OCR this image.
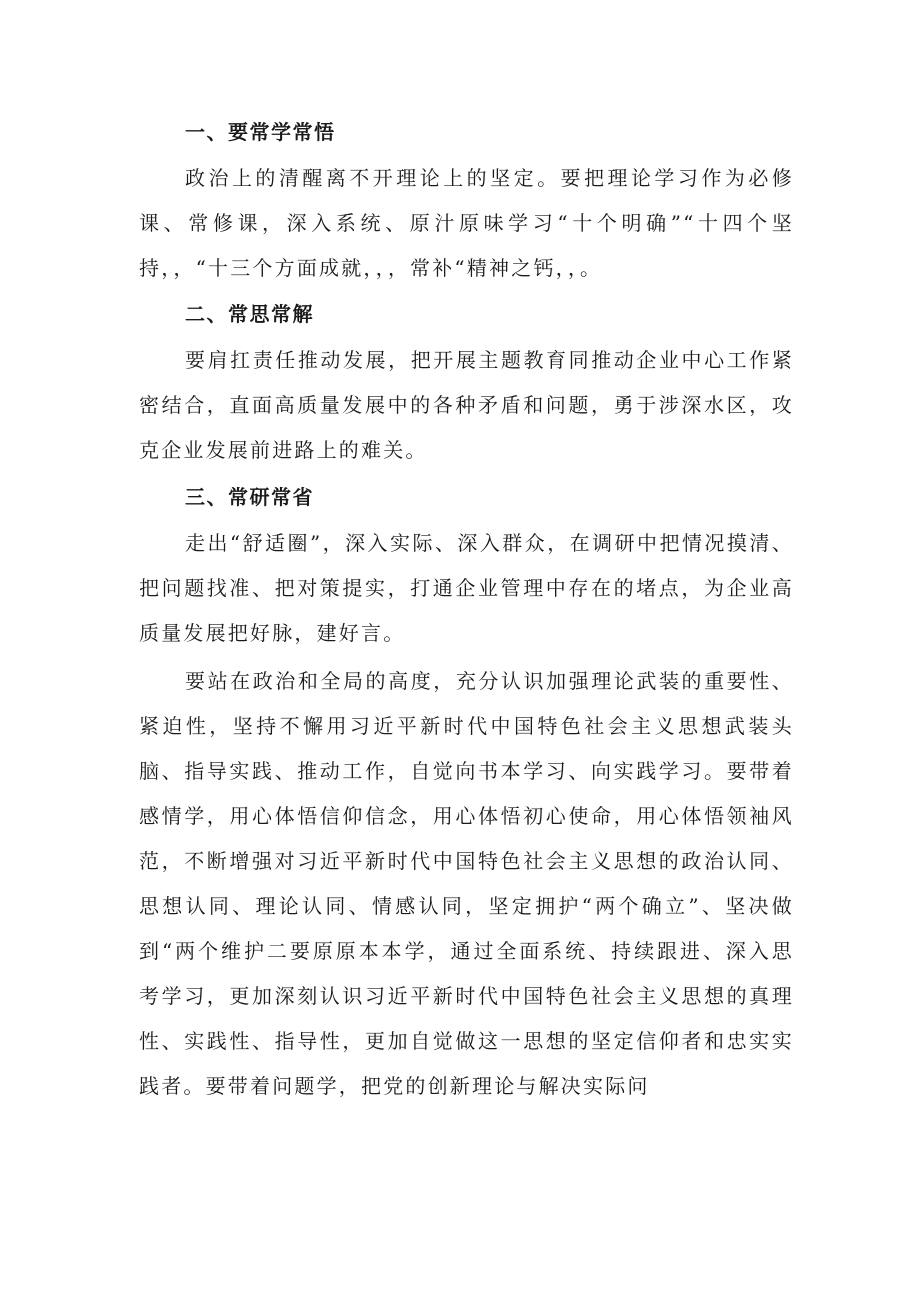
一、要常学常悟

政治上的清醒离不开理论上的坚定。要把理论学习作为必修课、常修课，深入系统、原汁原味学习“十个明确”“十四个坚持，，“十三个方面成就，，，常补“精神之钙，，。

二、常思常解

要肩扛责任推动发展，把开展主题教育同推动企业中心工作紧密结合，直面高质量发展中的各种矛盾和问题，勇于涉深水区，攻克企业发展前进路上的难关。

三、常研常省

走出“舒适圈”，深入实际、深入群众，在调研中把情况摸清、把问题找准、把对策提实，打通企业管理中存在的堵点，为企业高质量发展把好脉，建好言。

要站在政治和全局的高度，充分认识加强理论武装的重要性、紧迫性，坚持不懈用习近平新时代中国特色社会主义思想武装头脑、指导实践、推动工作，自觉向书本学习、向实践学习。要带着感情学，用心体悟信仰信念，用心体悟初心使命，用心体悟领袖风范，不断增强对习近平新时代中国特色社会主义思想的政治认同、思想认同、理论认同、情感认同，坚定拥护“两个确立”、坚决做到“两个维护二要原原本本学，通过全面系统、持续跟进、深入思考学习，更加深刻认识习近平新时代中国特色社会主义思想的真理性、实践性、指导性，更加自觉做这一思想的坚定信仰者和忠实实践者。要带着问题学，把党的创新理论与解决实际问
